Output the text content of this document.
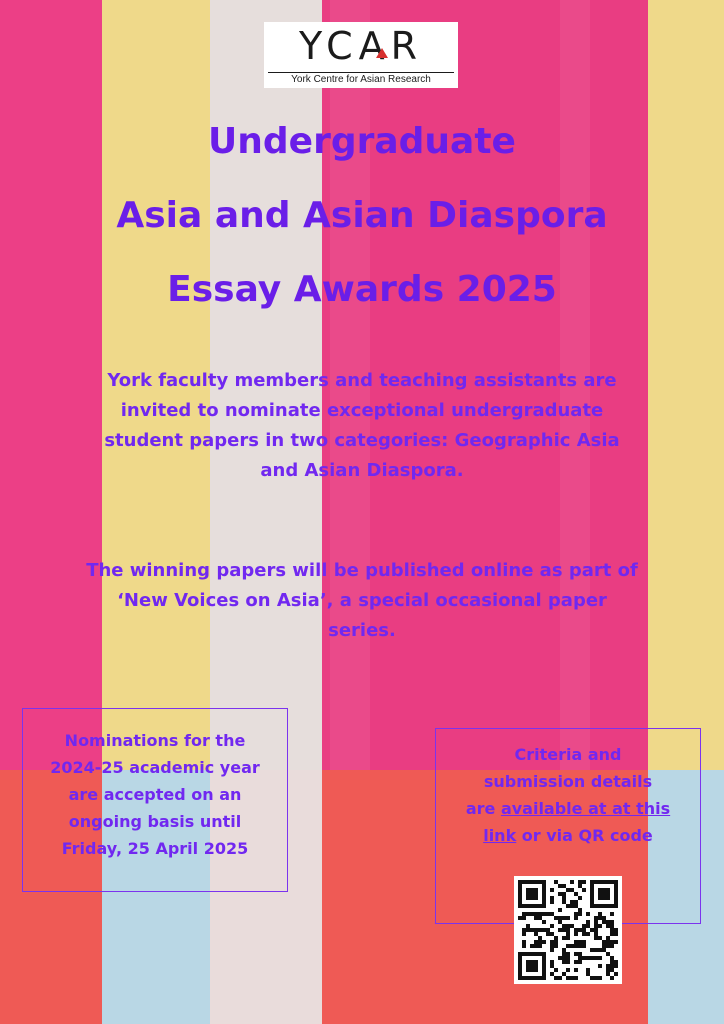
YCAR
York Centre for Asian Research
Undergraduate
Asia and Asian Diaspora
Essay Awards 2025
York faculty members and teaching assistants are
invited to nominate exceptional undergraduate
student papers in two categories: Geographic Asia
and Asian Diaspora.
The winning papers will be published online as part of
‘New Voices on Asia’, a special occasional paper
series.
Nominations for the
2024-25 academic year
are accepted on an
ongoing basis until
Friday, 25 April 2025
Criteria and
submission details
are available at at this
link or via QR code
